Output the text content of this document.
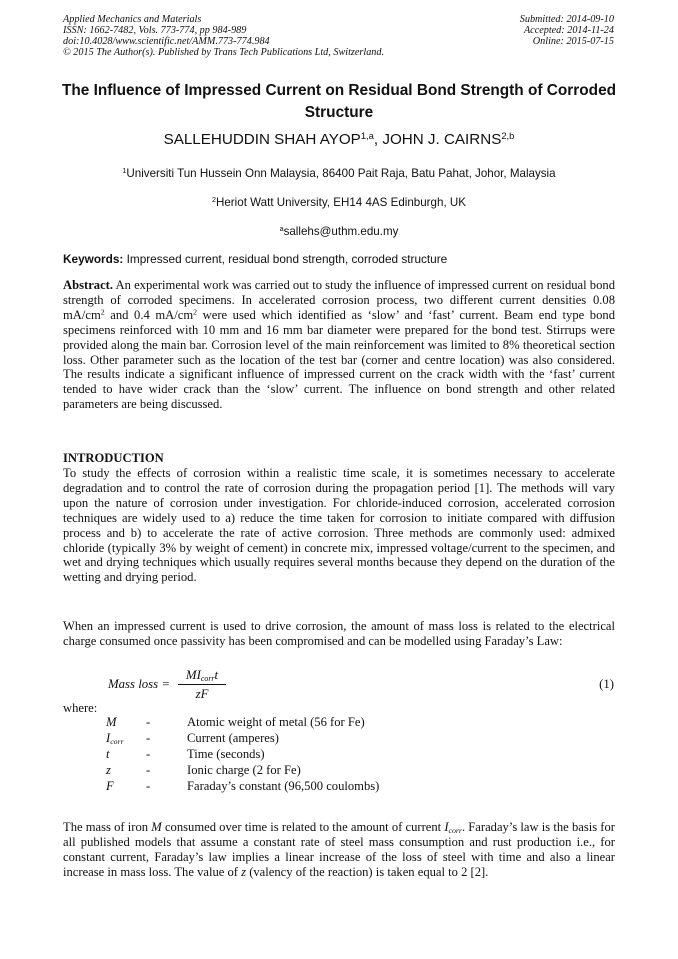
Applied Mechanics and Materials
ISSN: 1662-7482, Vols. 773-774, pp 984-989
doi:10.4028/www.scientific.net/AMM.773-774.984
© 2015 The Author(s). Published by Trans Tech Publications Ltd, Switzerland.
Submitted: 2014-09-10
Accepted: 2014-11-24
Online: 2015-07-15
The Influence of Impressed Current on Residual Bond Strength of Corroded Structure
SALLEHUDDIN SHAH AYOP$^{1,a}$, JOHN J. CAIRNS$^{2,b}$
$^1$Universiti Tun Hussein Onn Malaysia, 86400 Pait Raja, Batu Pahat, Johor, Malaysia
$^2$Heriot Watt University, EH14 4AS Edinburgh, UK
$^a$sallehs@uthm.edu.my
Keywords: Impressed current, residual bond strength, corroded structure
Abstract. An experimental work was carried out to study the influence of impressed current on residual bond strength of corroded specimens. In accelerated corrosion process, two different current densities 0.08 $mA/cm^2$ and 0.4 $mA/cm^2$ were used which identified as ‘slow’ and ‘fast’ current. Beam end type bond specimens reinforced with 10 mm and 16 mm bar diameter were prepared for the bond test. Stirrups were provided along the main bar. Corrosion level of the main reinforcement was limited to 8% theoretical section loss. Other parameter such as the location of the test bar (corner and centre location) was also considered. The results indicate a significant influence of impressed current on the crack width with the ‘fast’ current tended to have wider crack than the ‘slow’ current. The influence on bond strength and other related parameters are being discussed.
INTRODUCTION
To study the effects of corrosion within a realistic time scale, it is sometimes necessary to accelerate degradation and to control the rate of corrosion during the propagation period [1]. The methods will vary upon the nature of corrosion under investigation. For chloride-induced corrosion, accelerated corrosion techniques are widely used to a) reduce the time taken for corrosion to initiate compared with diffusion process and b) to accelerate the rate of active corrosion. Three methods are commonly used: admixed chloride (typically 3% by weight of cement) in concrete mix, impressed voltage/current to the specimen, and wet and drying techniques which usually requires several months because they depend on the duration of the wetting and drying period.
When an impressed current is used to drive corrosion, the amount of mass loss is related to the electrical charge consumed once passivity has been compromised and can be modelled using Faraday’s Law:
Mass loss =
$MI_{corr}t$
zF
(1)
where:
M -	Atomic weight of metal (56 for Fe)
$I_{corr}$ -	Current (amperes)
t	-	Time (seconds)
z	-	Ionic charge (2 for Fe)
F	-	Faraday’s constant (96,500 coulombs)
The mass of iron M consumed over time is related to the amount of current $I_{corr}$. Faraday’s law is the basis for all published models that assume a constant rate of steel mass consumption and rust production i.e., for constant current, Faraday’s law implies a linear increase of the loss of steel with time and also a linear increase in mass loss. The value of z (valency of the reaction) is taken equal to 2 [2].
